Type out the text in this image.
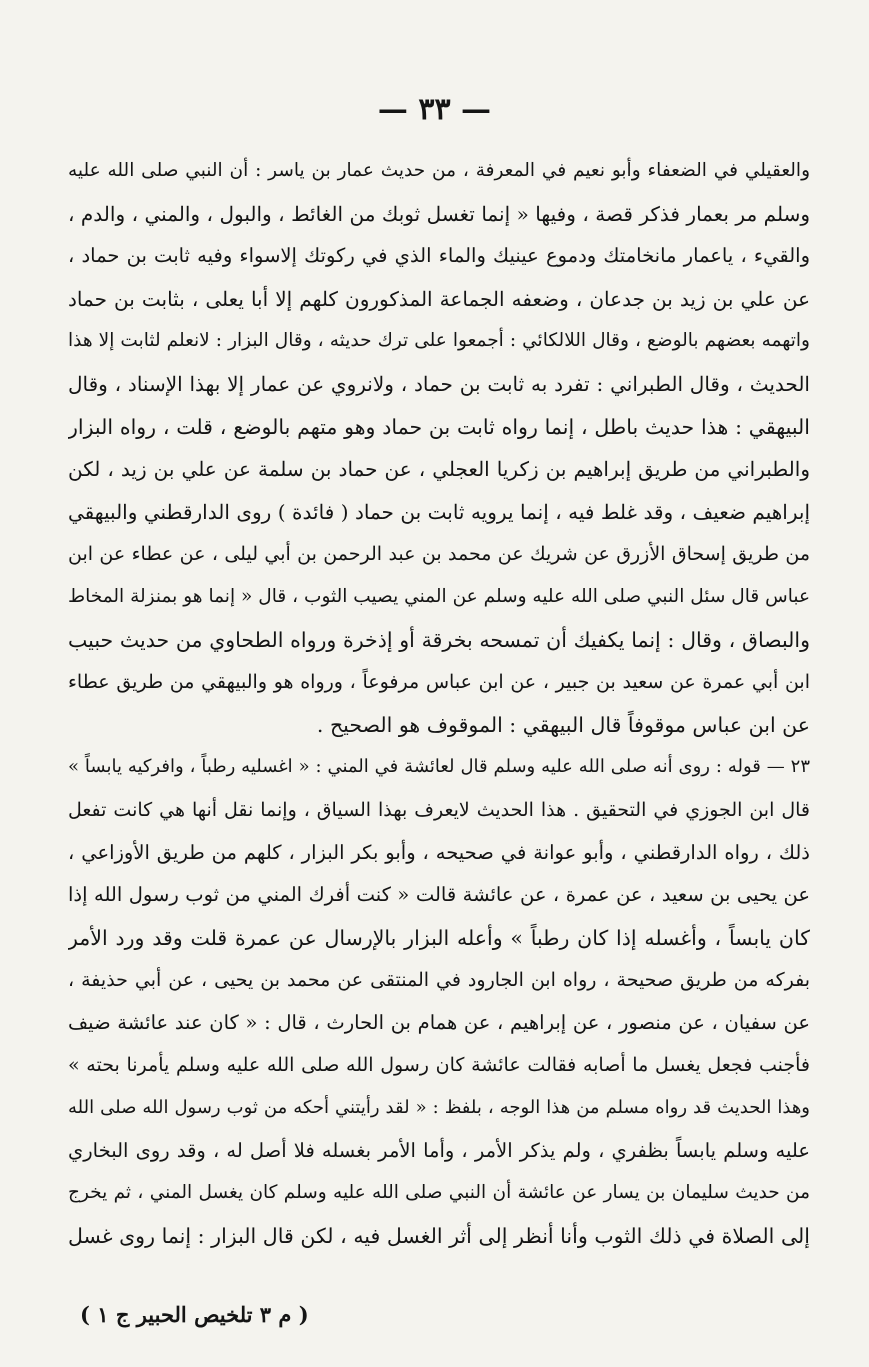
— ٣٣ —
والعقيلي في الضعفاء وأبو نعيم في المعرفة ، من حديث عمار بن ياسر : أن النبي صلى الله عليه
وسلم مر بعمار فذكر قصة ، وفيها « إنما تغسل ثوبك من الغائط ، والبول ، والمني ، والدم ،
والقيء ، ياعمار مانخامتك ودموع عينيك والماء الذي في ركوتك إلاسواء وفيه ثابت بن حماد ،
عن علي بن زيد بن جدعان ، وضعفه الجماعة المذكورون كلهم إلا أبا يعلى ، بثابت بن حماد
واتهمه بعضهم بالوضع ، وقال اللالكائي : أجمعوا على ترك حديثه ، وقال البزار : لانعلم لثابت إلا هذا
الحديث ، وقال الطبراني : تفرد به ثابت بن حماد ، ولانروي عن عمار إلا بهذا الإسناد ، وقال
البيهقي : هذا حديث باطل ، إنما رواه ثابت بن حماد وهو متهم بالوضع ، قلت ، رواه البزار
والطبراني من طريق إبراهيم بن زكريا العجلي ، عن حماد بن سلمة عن علي بن زيد ، لكن
إبراهيم ضعيف ، وقد غلط فيه ، إنما يرويه ثابت بن حماد ( فائدة ) روى الدارقطني والبيهقي
من طريق إسحاق الأزرق عن شريك عن محمد بن عبد الرحمن بن أبي ليلى ، عن عطاء عن ابن
عباس قال سئل النبي صلى الله عليه وسلم عن المني يصيب الثوب ، قال « إنما هو بمنزلة المخاط
والبصاق ، وقال : إنما يكفيك أن تمسحه بخرقة أو إذخرة ورواه الطحاوي من حديث حبيب
ابن أبي عمرة عن سعيد بن جبير ، عن ابن عباس مرفوعاً ، ورواه هو والبيهقي من طريق عطاء
عن ابن عباس موقوفاً قال البيهقي : الموقوف هو الصحيح .
٢٣ — قوله : روى أنه صلى الله عليه وسلم قال لعائشة في المني : « اغسليه رطباً ، وافركيه يابساً »
قال ابن الجوزي في التحقيق . هذا الحديث لايعرف بهذا السياق ، وإنما نقل أنها هي كانت تفعل
ذلك ، رواه الدارقطني ، وأبو عوانة في صحيحه ، وأبو بكر البزار ، كلهم من طريق الأوزاعي ،
عن يحيى بن سعيد ، عن عمرة ، عن عائشة قالت « كنت أفرك المني من ثوب رسول الله إذا
كان يابساً ، وأغسله إذا كان رطباً » وأعله البزار بالإرسال عن عمرة قلت وقد ورد الأمر
بفركه من طريق صحيحة ، رواه ابن الجارود في المنتقى عن محمد بن يحيى ، عن أبي حذيفة ،
عن سفيان ، عن منصور ، عن إبراهيم ، عن همام بن الحارث ، قال : « كان عند عائشة ضيف
فأجنب فجعل يغسل ما أصابه فقالت عائشة كان رسول الله صلى الله عليه وسلم يأمرنا بحته »
وهذا الحديث قد رواه مسلم من هذا الوجه ، بلفظ : « لقد رأيتني أحكه من ثوب رسول الله صلى الله
عليه وسلم يابساً بظفري ، ولم يذكر الأمر ، وأما الأمر بغسله فلا أصل له ، وقد روى البخاري
من حديث سليمان بن يسار عن عائشة أن النبي صلى الله عليه وسلم كان يغسل المني ، ثم يخرج
إلى الصلاة في ذلك الثوب وأنا أنظر إلى أثر الغسل فيه ، لكن قال البزار : إنما روى غسل
( م ٣ تلخيص الحبير ج ١ )
